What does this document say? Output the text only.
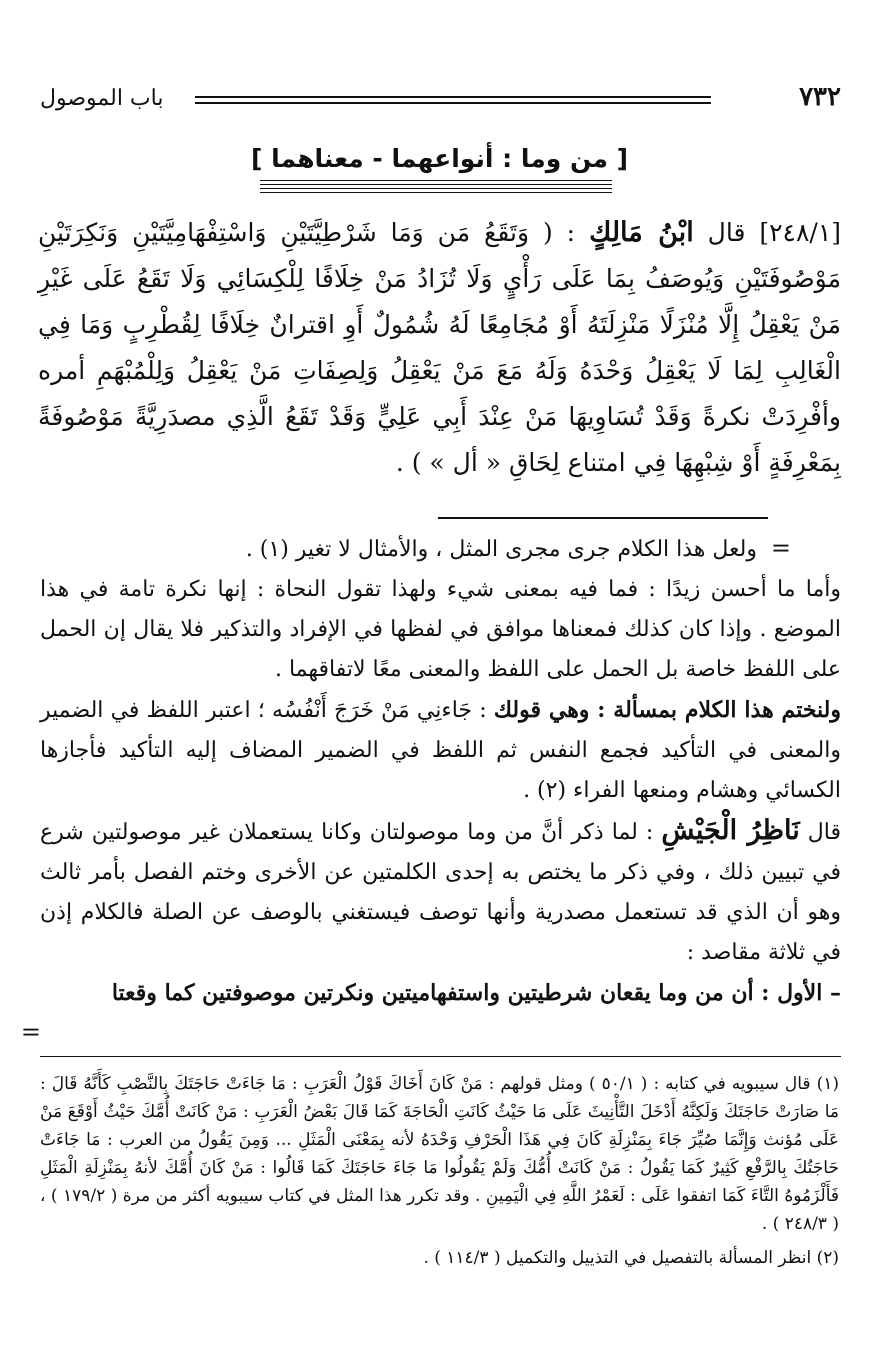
٧٣٢
باب الموصول
[ من وما : أنواعهما - معناهما ]
[٢٤٨/١] قال ابْنُ مَالِكٍ : ( وَتَقَعُ مَن وَمَا شَرْطِيَّتَيْنِ وَاسْتِفْهَامِيَّتَيْنِ وَنَكِرَتَيْنِ مَوْصُوفَتَيْنِ وَيُوصَفُ بِمَا عَلَى رَأْيٍ وَلَا تُزَادُ مَنْ خِلَافًا لِلْكِسَائِي وَلَا تَقَعُ عَلَى غَيْرِ مَنْ يَعْقِلُ إِلَّا مُنْزَلًا مَنْزِلَتَهُ أَوْ مُجَامِعًا لَهُ شُمُولٌ أَوِ اقترانٌ خِلَافًا لِقُطْرِبٍ وَمَا فِي الْغَالِبِ لِمَا لَا يَعْقِلُ وَحْدَهُ وَلَهُ مَعَ مَنْ يَعْقِلُ وَلِصِفَاتِ مَنْ يَعْقِلُ وَلِلْمُبْهَمِ أمره وأفْرِدَتْ نكرةً وَقَدْ تُسَاوِيهَا مَنْ عِنْدَ أَبِي عَلِيٍّ وَقَدْ تَقَعُ الَّذِي مصدَرِيَّةً مَوْصُوفَةً بِمَعْرِفَةٍ أَوْ شِبْهِهَا فِي امتناع لِحَاقِ « أل » ) .
=

ولعل هذا الكلام جرى مجرى المثل ، والأمثال لا تغير (١) .

وأما ما أحسن زيدًا : فما فيه بمعنى شيء ولهذا تقول النحاة : إنها نكرة تامة في هذا الموضع . وإذا كان كذلك فمعناها موافق في لفظها في الإفراد والتذكير فلا يقال إن الحمل على اللفظ خاصة بل الحمل على اللفظ والمعنى معًا لاتفاقهما .

ولنختم هذا الكلام بمسألة : وهي قولك : جَاءنِي مَنْ خَرَجَ أَنْفُسُه ؛ اعتبر اللفظ في الضمير والمعنى في التأكيد فجمع النفس ثم اللفظ في الضمير المضاف إليه التأكيد فأجازها الكسائي وهشام ومنعها الفراء (٢) .

قال نَاظِرُ الْجَيْشِ : لما ذكر أنَّ من وما موصولتان وكانا يستعملان غير موصولتين شرع في تبيين ذلك ، وفي ذكر ما يختص به إحدى الكلمتين عن الأخرى وختم الفصل بأمر ثالث وهو أن الذي قد تستعمل مصدرية وأنها توصف فيستغني بالوصف عن الصلة فالكلام إذن في ثلاثة مقاصد :

– الأول : أن من وما يقعان شرطيتين واستفهاميتين ونكرتين موصوفتين كما وقعتا

=

(١) قال سيبويه في كتابه : ( ٥٠/١ ) ومثل قولهم : مَنْ كَانَ أَخَاكَ قَوْلُ الْعَرَبِ : مَا جَاءَتْ حَاجَتَكَ بِالنَّصْبِ كَأَنَّهُ قَالَ : مَا صَارَتْ حَاجَتَكَ وَلَكِنَّهُ أَدْخَلَ التَّأْنِيثَ عَلَى مَا حَيْثُ كَانَتِ الْحَاجَةَ كَمَا قَالَ بَعْضُ الْعَرَبِ : مَنْ كَانَتْ أُمَّكَ حَيْثُ أَوْقَعَ مَنْ عَلَى مُؤنث وَإِنَّمَا صُيِّرَ جَاءَ بِمَنْزِلَةِ كَانَ فِي هَذَا الْحَرْفِ وَحْدَهُ لأنه بِمَعْنَى الْمَثَلِ ... وَمِنَ يَقُولُ من العرب : مَا جَاءَتْ حَاجَتُكَ بِالرَّفْعِ كَثِيرٌ كَمَا يَقُولُ : مَنْ كَانَتْ أُمُّكَ وَلَمْ يَقُولُوا مَا جَاءَ حَاجَتَكَ كَمَا قَالُوا : مَنْ كَانَ أُمَّكَ لأنهُ بِمَنْزِلَةِ الْمَثَلِ فَأَلْزَمُوهُ التَّاءَ كَمَا اتفقوا عَلَى : لَعَمْرُ اللَّهِ فِي الْيَمِينِ . وقد تكرر هذا المثل في كتاب سيبويه أكثر من مرة ( ١٧٩/٢ ) ، ( ٢٤٨/٣ ) .

(٢) انظر المسألة بالتفصيل في التذييل والتكميل ( ١١٤/٣ ) .
